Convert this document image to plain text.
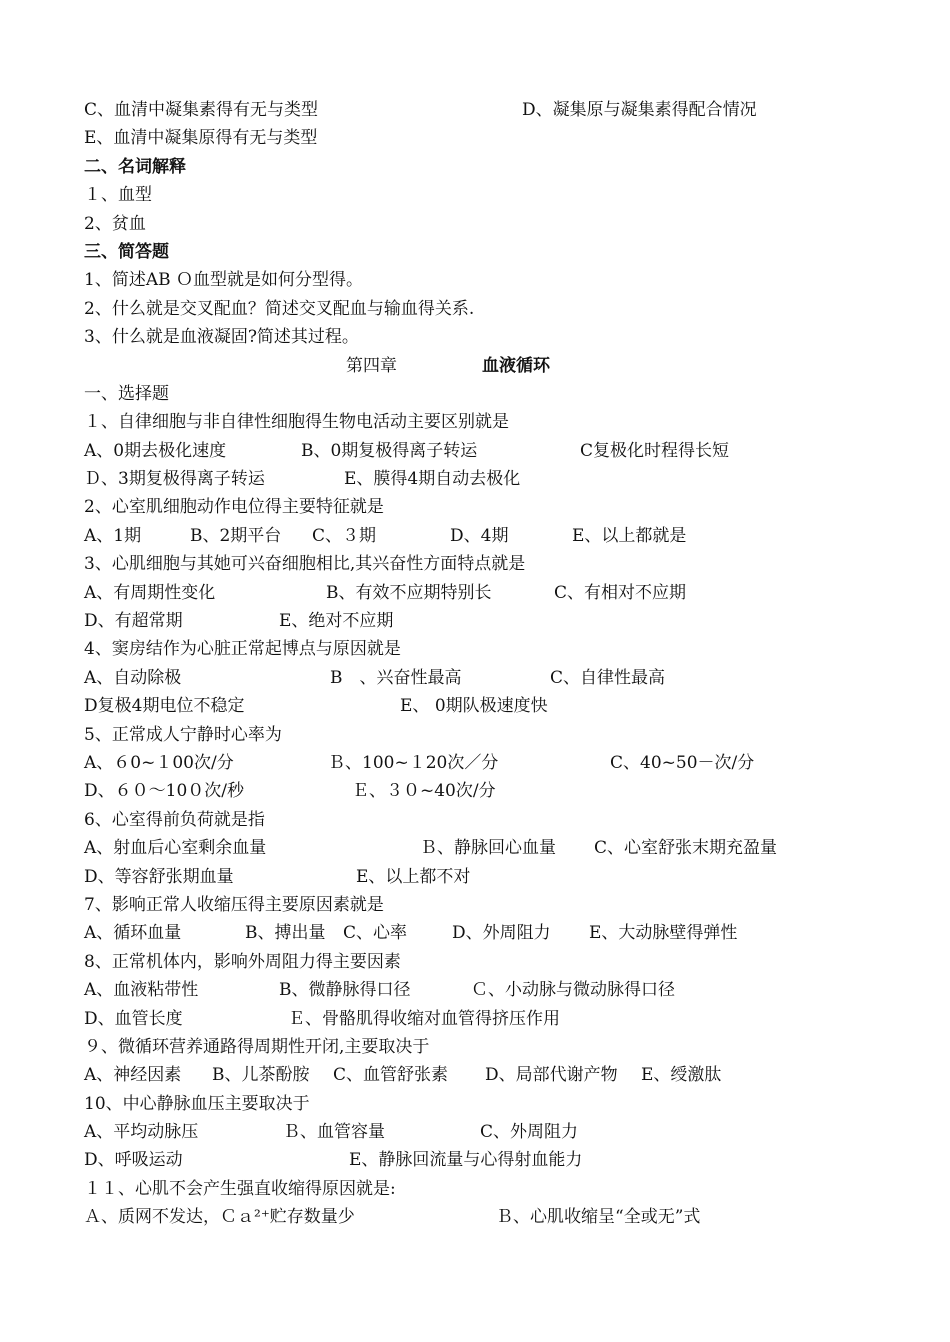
C、血清中凝集素得有无与类型	D、凝集原与凝集素得配合情况
E、血清中凝集原得有无与类型
二、名词解释
１、血型
2、贫血
三、简答题
1、简述AB Ｏ血型就是如何分型得。
2、什么就是交叉配血？简述交叉配血与输血得关系.
3、什么就是血液凝固?简述其过程。
第四章	血液循环
一、选择题
１、自律细胞与非自律性细胞得生物电活动主要区别就是
A、0期去极化速度	B、0期复极得离子转运	C复极化时程得长短
Ｄ、3期复极得离子转运	E、膜得4期自动去极化
2、心室肌细胞动作电位得主要特征就是
A、1期	B、2期平台 C、３期	D、4期	E、以上都就是
3、心肌细胞与其她可兴奋细胞相比,其兴奋性方面特点就是
A、有周期性变化	B、有效不应期特别长	C、有相对不应期
D、有超常期	E、绝对不应期
4、窦房结作为心脏正常起博点与原因就是
A、自动除极	B　、兴奋性最高	C、自律性最高
D复极4期电位不稳定	E、 0期队极速度快
5、正常成人宁静时心率为
A、６0~１00次/分	Ｂ、100~１20次／分	C、40~50－次/分
D、６０～10０次/秒	Ｅ、３０~40次/分
6、心室得前负荷就是指
A、射血后心室剩余血量	Ｂ、静脉回心血量 C、心室舒张末期充盈量
D、等容舒张期血量	E、以上都不对
7、影响正常人收缩压得主要原因素就是
A、循环血量	B、搏出量 C、心率	D、外周阻力 E、大动脉壁得弹性
8、正常机体内，影响外周阻力得主要因素
A、血液粘带性	B、微静脉得口径	Ｃ、小动脉与微动脉得口径
D、血管长度	Ｅ、骨骼肌得收缩对血管得挤压作用
９、微循环营养通路得周期性开闭,主要取决于
A、神经因素 B、儿茶酚胺 C、血管舒张素 D、局部代谢产物 E、绶激肽
10、中心静脉血压主要取决于
A、平均动脉压	Ｂ、血管容量	C、外周阻力
D、呼吸运动	E、静脉回流量与心得射血能力
１１、心肌不会产生强直收缩得原因就是:
Ａ、质网不发达，Ｃａ²⁺贮存数量少	Ｂ、心肌收缩呈“全或无”式
